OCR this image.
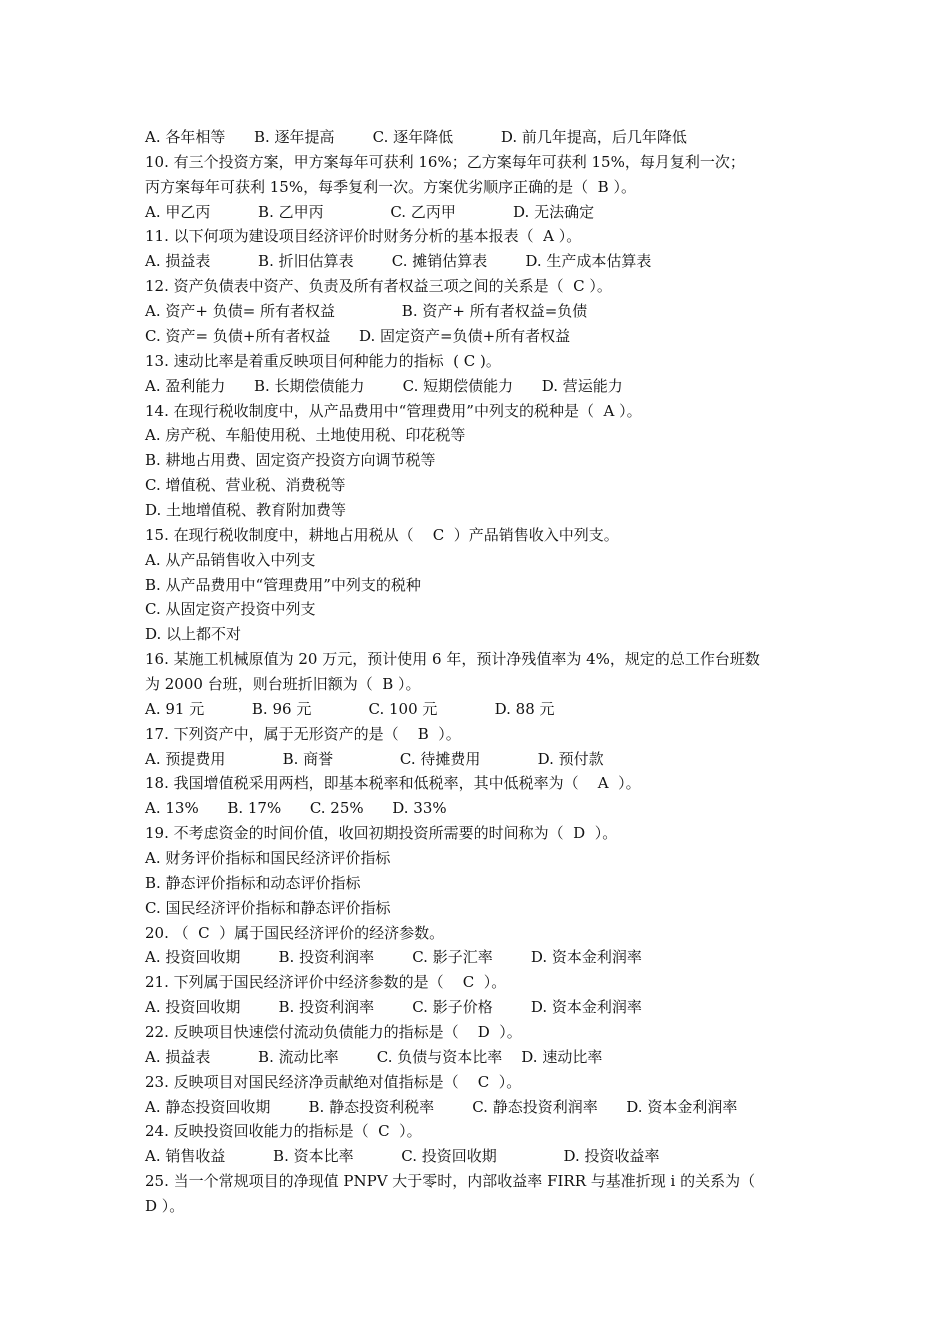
A. 各年相等      B. 逐年提高        C. 逐年降低          D. 前几年提高，后几年降低
10. 有三个投资方案，甲方案每年可获利 16%；乙方案每年可获利 15%，每月复利一次；
丙方案每年可获利 15%，每季复利一次。方案优劣顺序正确的是（  B ）。
A. 甲乙丙          B. 乙甲丙              C. 乙丙甲            D. 无法确定
11. 以下何项为建设项目经济评价时财务分析的基本报表（  A ）。
A. 损益表          B. 折旧估算表        C. 摊销估算表        D. 生产成本估算表
12. 资产负债表中资产、负责及所有者权益三项之间的关系是（  C ）。
A. 资产+ 负债= 所有者权益              B. 资产+ 所有者权益=负债
C. 资产= 负债+所有者权益      D. 固定资产=负债+所有者权益
13. 速动比率是着重反映项目何种能力的指标  ( C )。
A. 盈利能力      B. 长期偿债能力        C. 短期偿债能力      D. 营运能力
14. 在现行税收制度中，从产品费用中“管理费用”中列支的税种是（  A ）。
A. 房产税、车船使用税、土地使用税、印花税等
B. 耕地占用费、固定资产投资方向调节税等
C. 增值税、营业税、消费税等
D. 土地增值税、教育附加费等
15. 在现行税收制度中，耕地占用税从（    C  ）产品销售收入中列支。
A. 从产品销售收入中列支
B. 从产品费用中“管理费用”中列支的税种
C. 从固定资产投资中列支
D. 以上都不对
16. 某施工机械原值为 20 万元，预计使用 6 年，预计净残值率为 4%，规定的总工作台班数
为 2000 台班，则台班折旧额为（  B ）。
A. 91 元          B. 96 元            C. 100 元            D. 88 元
17. 下列资产中，属于无形资产的是（    B  ）。
A. 预提费用            B. 商誉              C. 待摊费用            D. 预付款
18. 我国增值税采用两档，即基本税率和低税率，其中低税率为（    A  ）。
A. 13%      B. 17%      C. 25%      D. 33%
19. 不考虑资金的时间价值，收回初期投资所需要的时间称为（  D  ）。
A. 财务评价指标和国民经济评价指标
B. 静态评价指标和动态评价指标
C. 国民经济评价指标和静态评价指标
20. （  C  ）属于国民经济评价的经济参数。
A. 投资回收期        B. 投资利润率        C. 影子汇率        D. 资本金利润率
21. 下列属于国民经济评价中经济参数的是（    C  ）。
A. 投资回收期        B. 投资利润率        C. 影子价格        D. 资本金利润率
22. 反映项目快速偿付流动负债能力的指标是（    D  ）。
A. 损益表          B. 流动比率        C. 负债与资本比率    D. 速动比率
23. 反映项目对国民经济净贡献绝对值指标是（    C  ）。
A. 静态投资回收期        B. 静态投资利税率        C. 静态投资利润率      D. 资本金利润率
24. 反映投资回收能力的指标是（  C  ）。
A. 销售收益          B. 资本比率          C. 投资回收期              D. 投资收益率
25. 当一个常规项目的净现值 PNPV 大于零时，内部收益率 FIRR 与基准折现 i 的关系为（
D ）。
